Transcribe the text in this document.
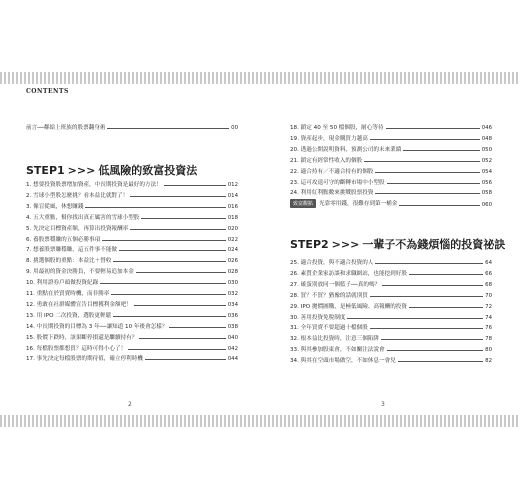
CONTENTS
前言──鄰給上班族的股票翻身術	00
STEP1 >>> 低風險的致富投資法
1. 想要投資股票增加資產，中長期投資是最好的方法！	012
2. 雪球小型股怎麼挑？看本益比就對了！	014
3. 像盲從風，休想賺錢	016
4. 五大重點，幫你找出真正厲害的雪球小型股	018
5. 先決定目標資產額，再算出投資報酬率	020
6. 養股票穩賺的五個必勝事項	022
7. 想養股票賺穩賺，這五件事不能做	024
8. 挑選個股的重點：本益比＋營收	026
9. 用最初的資金決勝負，不要輕易追加本金	028
10. 利用證券戶頭做投資紀錄	030
11. 重點在於買賣時機，而非勝率	032
12. 勇敢在社群媒體宣告目標獲利金額吧！	034
13. 用 IPO 二次投資，選股更輕鬆	036
14. 中長期投資的目標為 3 年──讓知道 10 年後會怎樣？	038
15. 股價下跌時，該果斷停損還是繼續持有？	040
16. 每檔股票都想買？這時可得小心了！	042
17. 事先決定每檔股票的期待值，確立停利時機	044
18. 鎖定 40 至 50 檔個股，耐心等待	046
19. 資產起步，現金購買力越高	048
20. 透過公開說明資料，預測公司的未來業績	050
21. 鎖定有經常性收入的個股	052
22. 適合持有／不適合持有的個股	054
23. 這可攻退可守的斷轉市場中小型股	056
24. 利用紅利點數來挑戰股票投資	058
致富觀點 光靠零用錢，很難存到第一桶金	060
STEP2 >>> 一輩子不為錢煩惱的投資祕訣
25. 適合投資，與不適合投資的人	64
26. 素質企業家訪談和求職網站，也能挖到好股	66
27. 確蛋別放同一個籃子──真的嗎？	68
28. 買？不買？猶豫的話就別買	70
29. IPO 拋價圖購，是極低風險、高報酬的投資	72
30. 善用投資免稅制度	74
31. 全年買賣不要超過十檔個股	76
32. 根本益比投資時，注意三個陷阱	78
33. 與其參加股東會，不如關注法說會	80
34. 與其在空頭市場做空，不如休息一會兒	82
2	3
